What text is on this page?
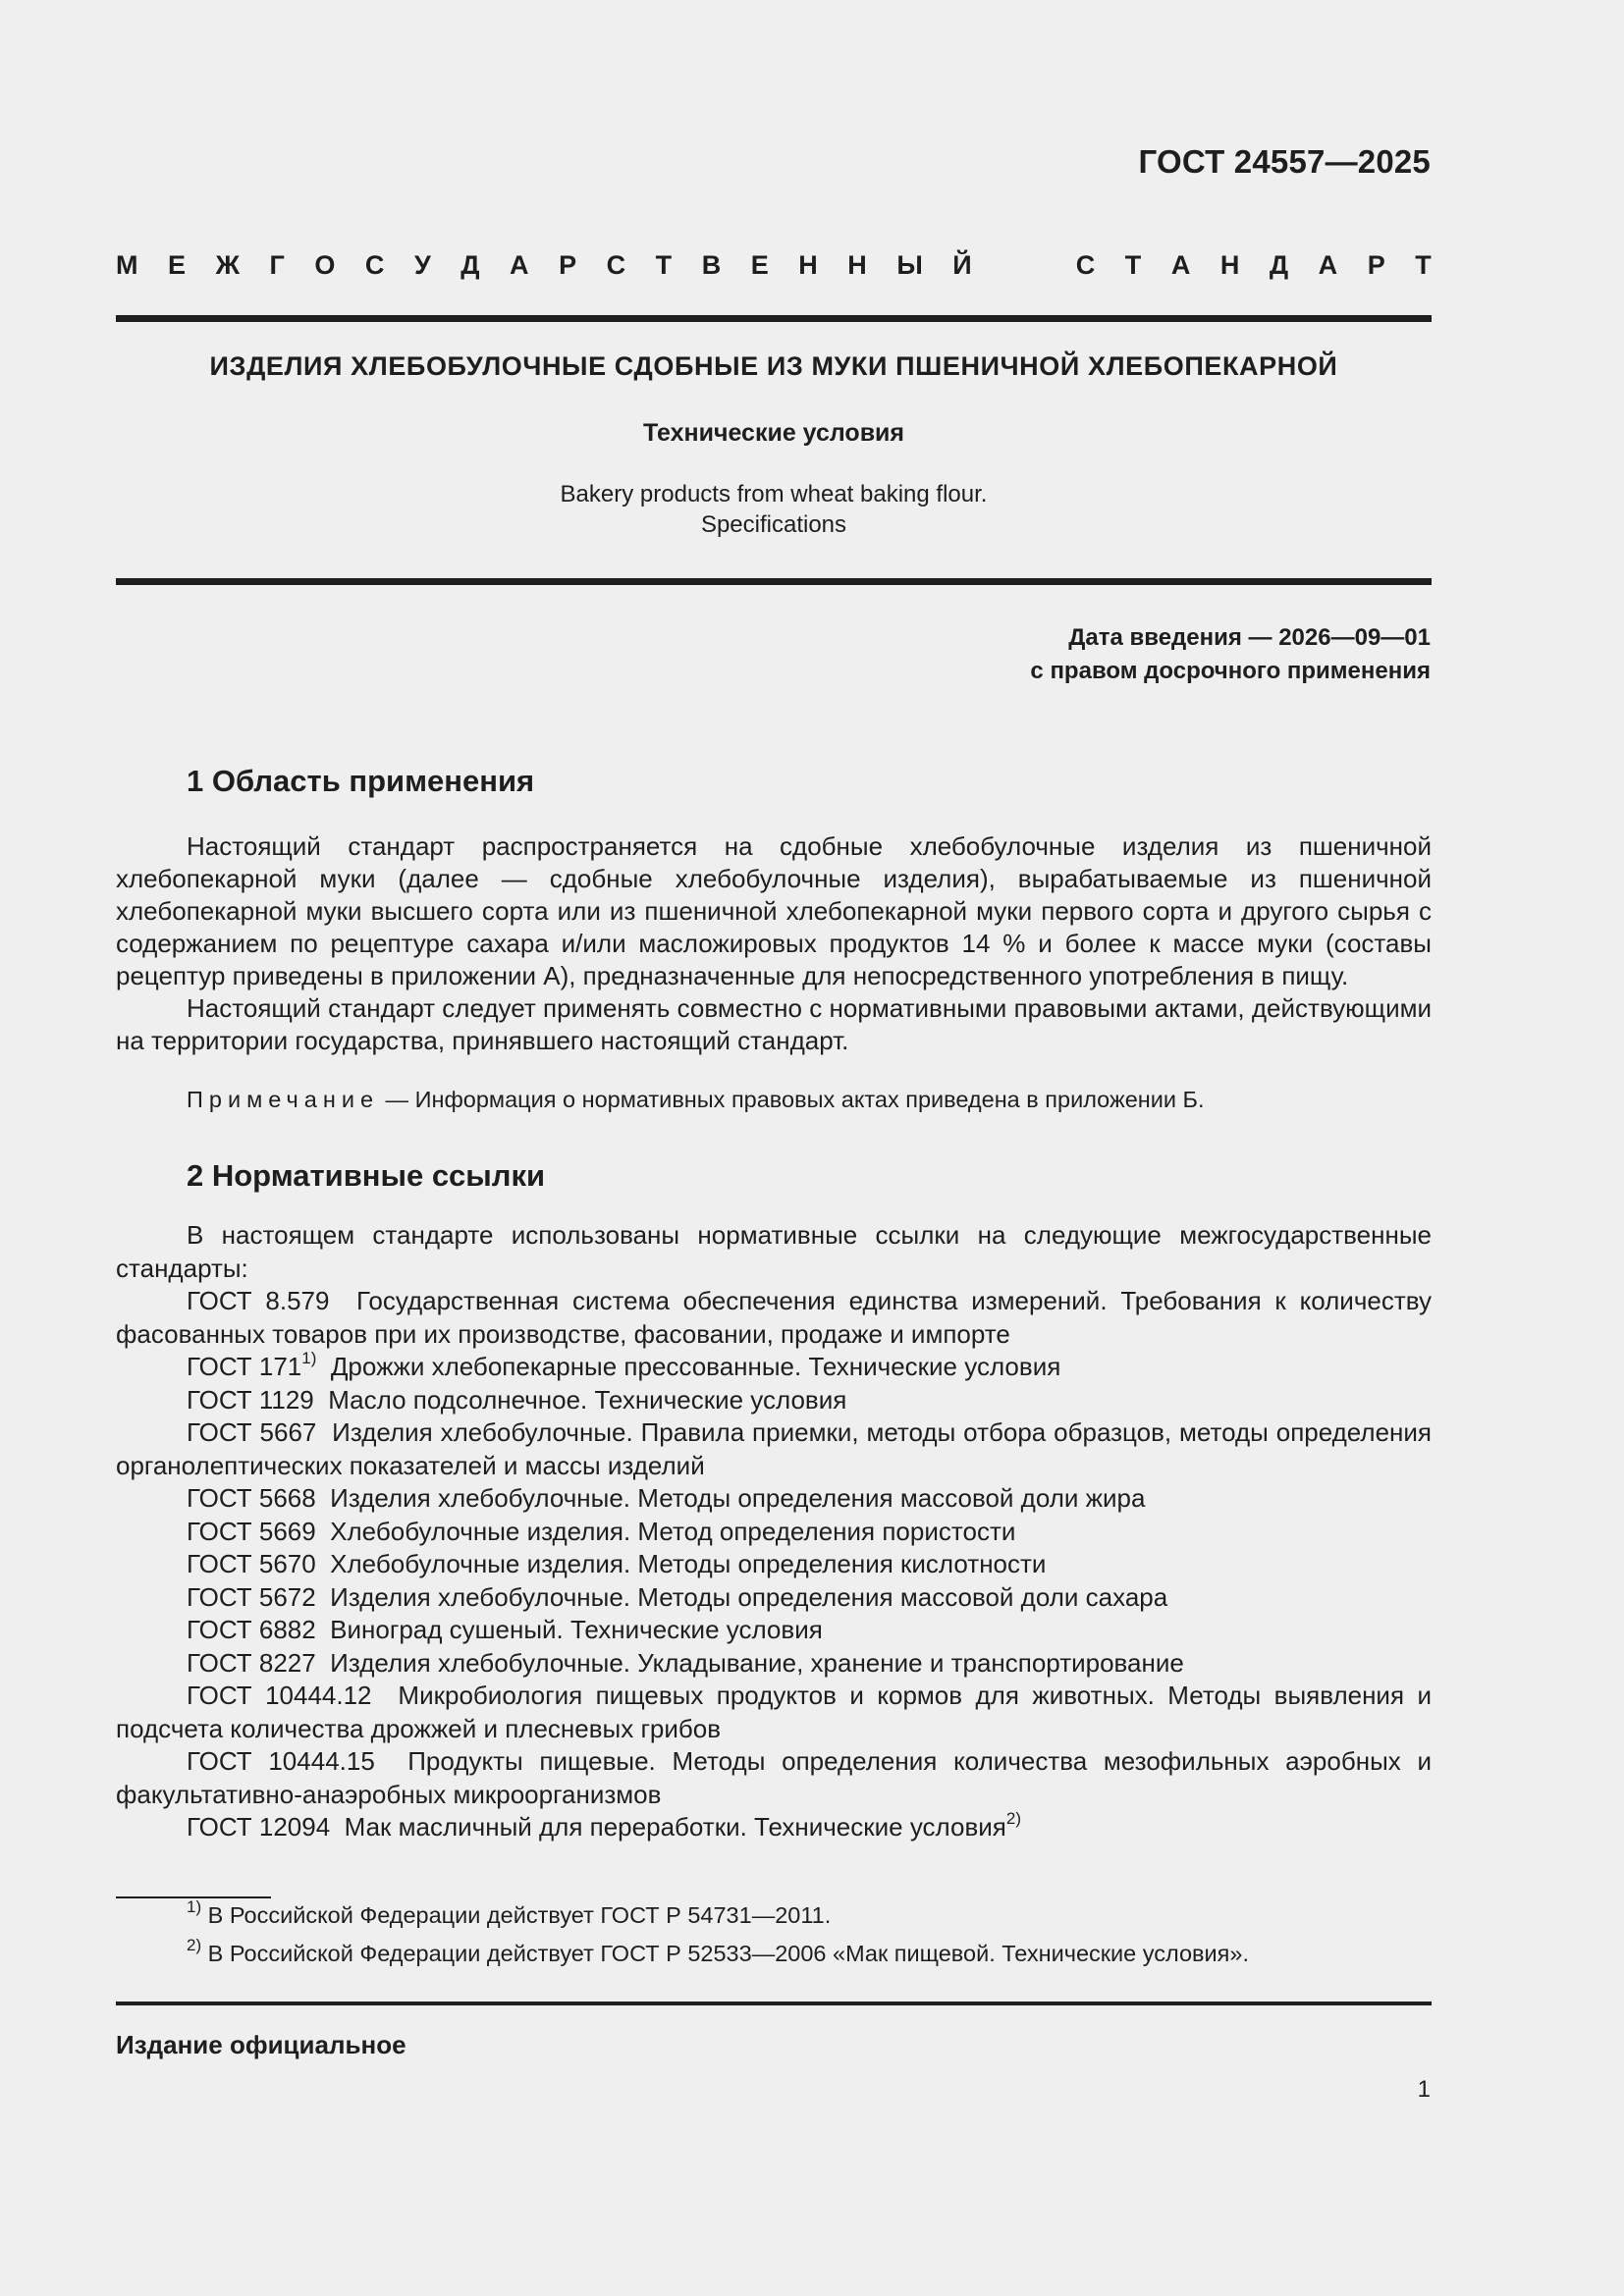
ГОСТ 24557—2025
М Е Ж Г О С У Д А Р С Т В Е Н Н Ы Й	С Т А Н Д А Р Т
ИЗДЕЛИЯ ХЛЕБОБУЛОЧНЫЕ СДОБНЫЕ ИЗ МУКИ ПШЕНИЧНОЙ ХЛЕБОПЕКАРНОЙ
Технические условия
Bakery products from wheat baking flour.
Specifications
Дата введения — 2026—09—01
с правом досрочного применения
1 Область применения

Настоящий стандарт распространяется на сдобные хлебобулочные изделия из пшеничной хлебопекарной муки (далее — сдобные хлебобулочные изделия), вырабатываемые из пшеничной хлебопекарной муки высшего сорта или из пшеничной хлебопекарной муки первого сорта и другого сырья с содержанием по рецептуре сахара и/или масложировых продуктов 14 % и более к массе муки (составы рецептур приведены в приложении А), предназначенные для непосредственного употребления в пищу.

Настоящий стандарт следует применять совместно с нормативными правовыми актами, действующими на территории государства, принявшего настоящий стандарт.

Примечание — Информация о нормативных правовых актах приведена в приложении Б.
2 Нормативные ссылки

В настоящем стандарте использованы нормативные ссылки на следующие межгосударственные стандарты:

ГОСТ 8.579 Государственная система обеспечения единства измерений. Требования к количеству фасованных товаров при их производстве, фасовании, продаже и импорте

ГОСТ 171$^{1)}$ Дрожжи хлебопекарные прессованные. Технические условия

ГОСТ 1129 Масло подсолнечное. Технические условия

ГОСТ 5667 Изделия хлебобулочные. Правила приемки, методы отбора образцов, методы определения органолептических показателей и массы изделий

ГОСТ 5668 Изделия хлебобулочные. Методы определения массовой доли жира

ГОСТ 5669 Хлебобулочные изделия. Метод определения пористости

ГОСТ 5670 Хлебобулочные изделия. Методы определения кислотности

ГОСТ 5672 Изделия хлебобулочные. Методы определения массовой доли сахара

ГОСТ 6882 Виноград сушеный. Технические условия

ГОСТ 8227 Изделия хлебобулочные. Укладывание, хранение и транспортирование

ГОСТ 10444.12 Микробиология пищевых продуктов и кормов для животных. Методы выявления и подсчета количества дрожжей и плесневых грибов

ГОСТ 10444.15 Продукты пищевые. Методы определения количества мезофильных аэробных и факультативно-анаэробных микроорганизмов

ГОСТ 12094 Мак масличный для переработки. Технические условия$^{2)}$

$^{1)}$ В Российской Федерации действует ГОСТ Р 54731—2011.
$^{2)}$ В Российской Федерации действует ГОСТ Р 52533—2006 «Мак пищевой. Технические условия».
Издание официальное
1
